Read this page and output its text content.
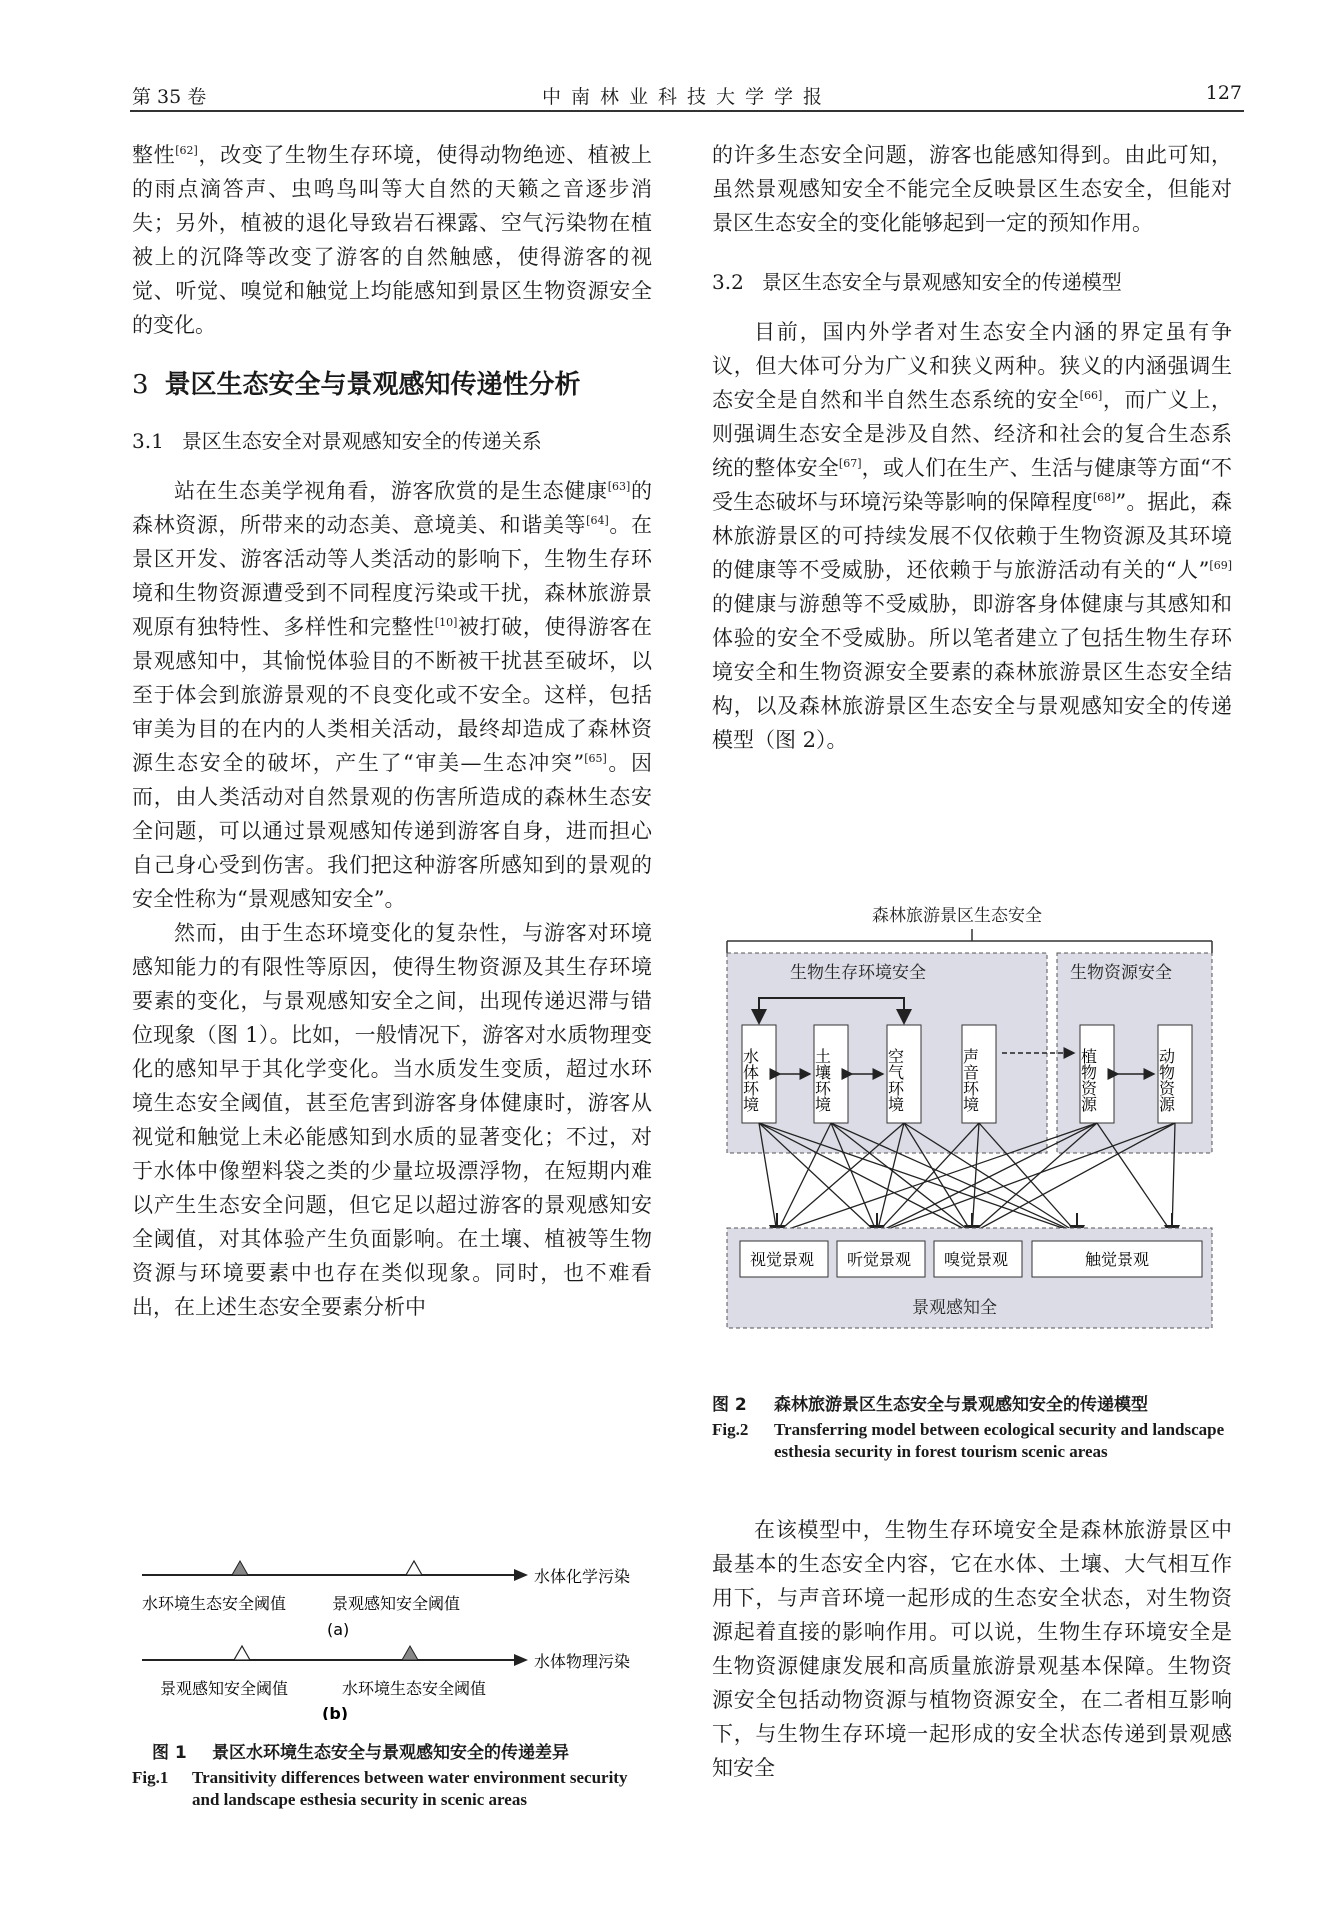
第 35 卷	中南林业科技大学学报	127

整性[62]，改变了生物生存环境，使得动物绝迹、植被上的雨点滴答声、虫鸣鸟叫等大自然的天籁之音逐步消失；另外，植被的退化导致岩石裸露、空气污染物在植被上的沉降等改变了游客的自然触感，使得游客的视觉、听觉、嗅觉和触觉上均能感知到景区生物资源安全的变化。

3 景区生态安全与景观感知传递性分析
3.1 景区生态安全对景观感知安全的传递关系

站在生态美学视角看，游客欣赏的是生态健康[63]的森林资源，所带来的动态美、意境美、和谐美等[64]。在景区开发、游客活动等人类活动的影响下，生物生存环境和生物资源遭受到不同程度污染或干扰，森林旅游景观原有独特性、多样性和完整性[10]被打破，使得游客在景观感知中，其愉悦体验目的不断被干扰甚至破坏，以至于体会到旅游景观的不良变化或不安全。这样，包括审美为目的在内的人类相关活动，最终却造成了森林资源生态安全的破坏，产生了“审美—生态冲突”[65]。因而，由人类活动对自然景观的伤害所造成的森林生态安全问题，可以通过景观感知传递到游客自身，进而担心自己身心受到伤害。我们把这种游客所感知到的景观的安全性称为“景观感知安全”。

然而，由于生态环境变化的复杂性，与游客对环境感知能力的有限性等原因，使得生物资源及其生存环境要素的变化，与景观感知安全之间，出现传递迟滞与错位现象（图 1）。比如，一般情况下，游客对水质物理变化的感知早于其化学变化。当水质发生变质，超过水环境生态安全阈值，甚至危害到游客身体健康时，游客从视觉和触觉上未必能感知到水质的显著变化；不过，对于水体中像塑料袋之类的少量垃圾漂浮物，在短期内难以产生生态安全问题，但它足以超过游客的景观感知安全阈值，对其体验产生负面影响。在土壤、植被等生物资源与环境要素中也存在类似现象。同时，也不难看出，在上述生态安全要素分析中

水体化学污染
水环境生态安全阈值	景观感知安全阈值
(a)
水体物理污染
景观感知安全阈值	水环境生态安全阈值
(b)
图 1	景区水环境生态安全与景观感知安全的传递差异
Fig.1	Transitivity differences between water environment security and landscape esthesia security in scenic areas

的许多生态安全问题，游客也能感知得到。由此可知，虽然景观感知安全不能完全反映景区生态安全，但能对景区生态安全的变化能够起到一定的预知作用。

3.2 景区生态安全与景观感知安全的传递模型

目前，国内外学者对生态安全内涵的界定虽有争议，但大体可分为广义和狭义两种。狭义的内涵强调生态安全是自然和半自然生态系统的安全[66]，而广义上，则强调生态安全是涉及自然、经济和社会的复合生态系统的整体安全[67]，或人们在生产、生活与健康等方面“不受生态破坏与环境污染等影响的保障程度[68]”。据此，森林旅游景区的可持续发展不仅依赖于生物资源及其环境的健康等不受威胁，还依赖于与旅游活动有关的“人”[69]的健康与游憩等不受威胁，即游客身体健康与其感知和体验的安全不受威胁。所以笔者建立了包括生物生存环境安全和生物资源安全要素的森林旅游景区生态安全结构，以及森林旅游景区生态安全与景观感知安全的传递模型（图 2）。

森林旅游景区生态安全
生物生存环境安全	生物资源安全
水体环境	土壤环境	空气环境	声音环境	植物资源	动物资源
视觉景观 听觉景观 嗅觉景观	触觉景观
景观感知全
图 2	森林旅游景区生态安全与景观感知安全的传递模型
Fig.2	Transferring model between ecological security and landscape esthesia security in forest tourism scenic areas

在该模型中，生物生存环境安全是森林旅游景区中最基本的生态安全内容，它在水体、土壤、大气相互作用下，与声音环境一起形成的生态安全状态，对生物资源起着直接的影响作用。可以说，生物生存环境安全是生物资源健康发展和高质量旅游景观基本保障。生物资源安全包括动物资源与植物资源安全，在二者相互影响下，与生物生存环境一起形成的安全状态传递到景观感知安全
